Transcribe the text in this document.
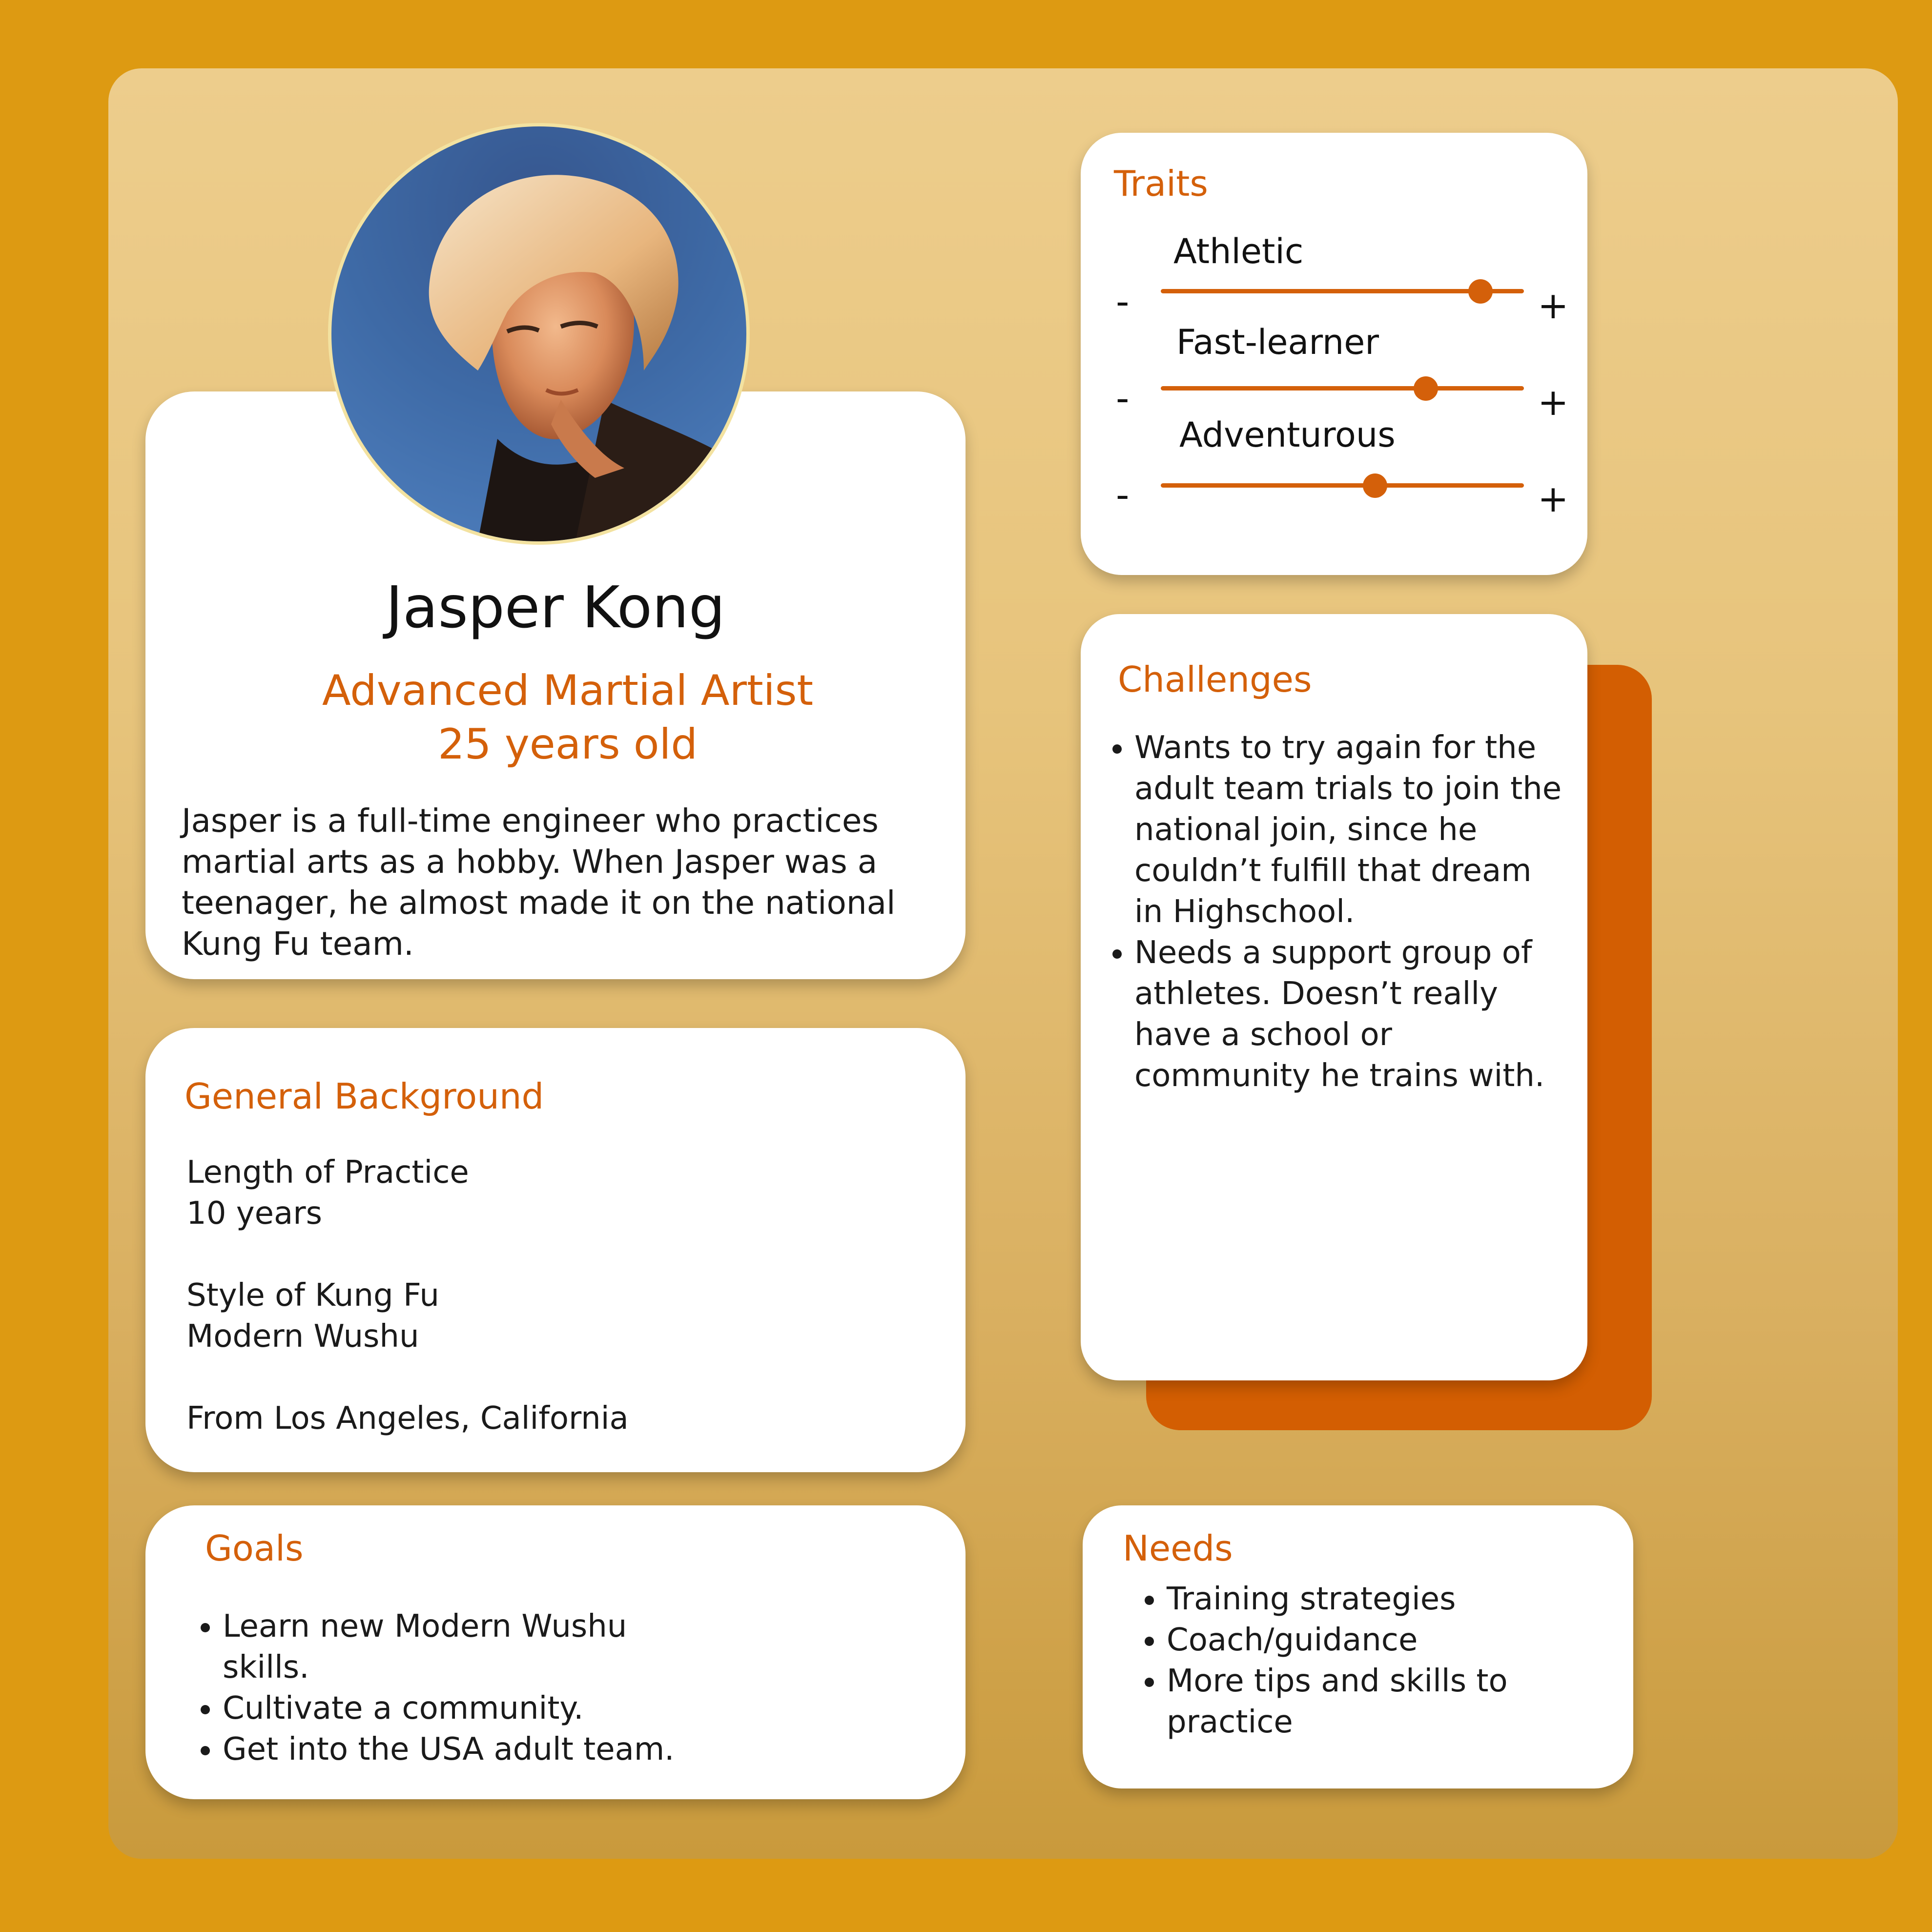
Jasper Kong
Advanced Martial Artist
25 years old
Jasper is a full-time engineer who practices martial arts as a hobby. When Jasper was a teenager, he almost made it on the national Kung Fu team.
General Background
Length of Practice
10 years
Style of Kung Fu
Modern Wushu
From Los Angeles, California
Goals
• Learn new Modern Wushu skills.
• Cultivate a community.
• Get into the USA adult team.
Traits
Athletic
-	+
Fast-learner
-	+
Adventurous
-	+
Challenges
• Wants to try again for the adult team trials to join the national join, since he couldn’t fulfill that dream in Highschool.
• Needs a support group of athletes. Doesn’t really have a school or community he trains with.
Needs
• Training strategies
• Coach/guidance
• More tips and skills to practice
